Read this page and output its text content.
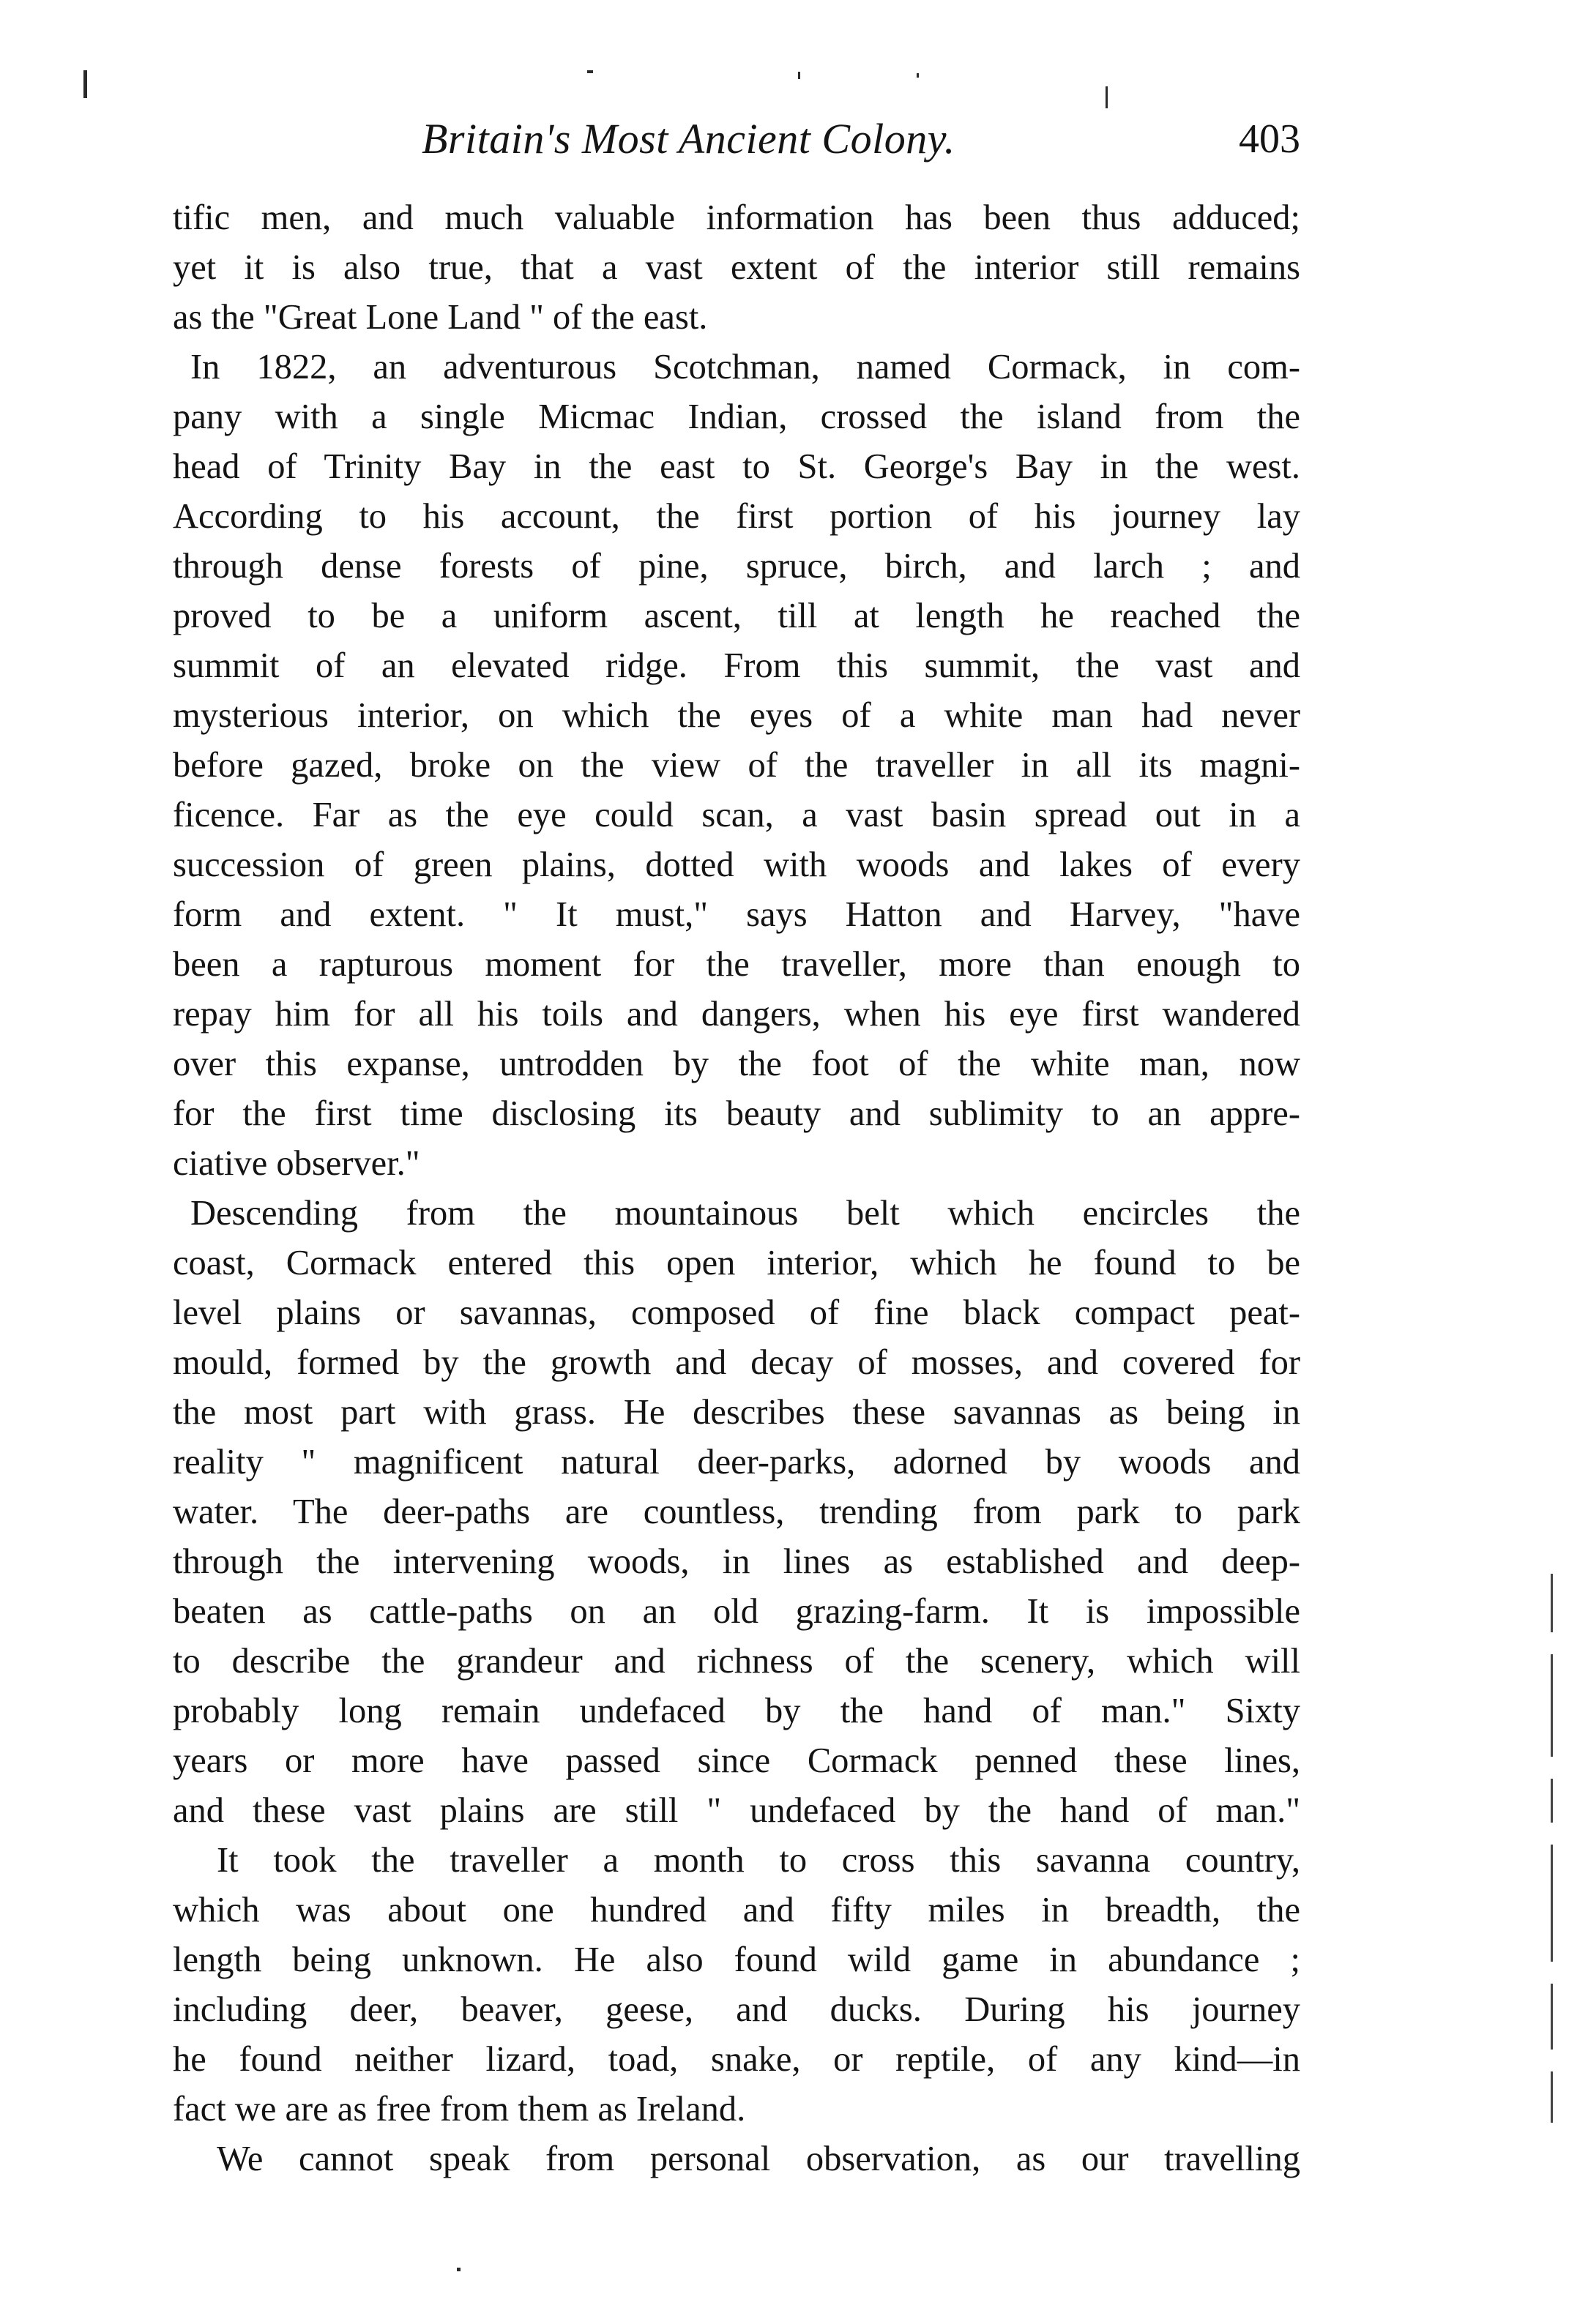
Britain's Most Ancient Colony.	403
tific men, and much valuable information has been thus adduced;
yet it is also true, that a vast extent of the interior still remains
as the "Great Lone Land " of the east.
In 1822, an adventurous Scotchman, named Cormack, in com-
pany with a single Micmac Indian, crossed the island from the
head of Trinity Bay in the east to St. George's Bay in the west.
According to his account, the first portion of his journey lay
through dense forests of pine, spruce, birch, and larch ; and
proved to be a uniform ascent, till at length he reached the
summit of an elevated ridge. From this summit, the vast and
mysterious interior, on which the eyes of a white man had never
before gazed, broke on the view of the traveller in all its magni-
ficence. Far as the eye could scan, a vast basin spread out in a
succession of green plains, dotted with woods and lakes of every
form and extent. " It must," says Hatton and Harvey, "have
been a rapturous moment for the traveller, more than enough to
repay him for all his toils and dangers, when his eye first wandered
over this expanse, untrodden by the foot of the white man, now
for the first time disclosing its beauty and sublimity to an appre-
ciative observer."
Descending from the mountainous belt which encircles the
coast, Cormack entered this open interior, which he found to be
level plains or savannas, composed of fine black compact peat-
mould, formed by the growth and decay of mosses, and covered for
the most part with grass. He describes these savannas as being in
reality " magnificent natural deer-parks, adorned by woods and
water. The deer-paths are countless, trending from park to park
through the intervening woods, in lines as established and deep-
beaten as cattle-paths on an old grazing-farm. It is impossible
to describe the grandeur and richness of the scenery, which will
probably long remain undefaced by the hand of man." Sixty
years or more have passed since Cormack penned these lines,
and these vast plains are still " undefaced by the hand of man."
It took the traveller a month to cross this savanna country,
which was about one hundred and fifty miles in breadth, the
length being unknown. He also found wild game in abundance ;
including deer, beaver, geese, and ducks. During his journey
he found neither lizard, toad, snake, or reptile, of any kind—in
fact we are as free from them as Ireland.
We cannot speak from personal observation, as our travelling
